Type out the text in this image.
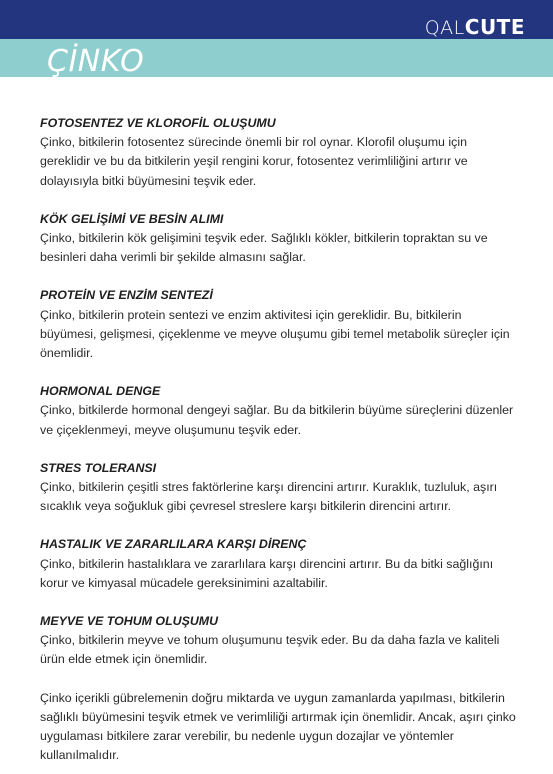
QALCUTE
ÇİNKO
FOTOSENTEZ VE KLOROFİL OLUŞUMU

Çinko, bitkilerin fotosentez sürecinde önemli bir rol oynar. Klorofil oluşumu için gereklidir ve bu da bitkilerin yeşil rengini korur, fotosentez verimliliğini artırır ve dolayısıyla bitki büyümesini teşvik eder.

KÖK GELİŞİMİ VE BESİN ALIMI

Çinko, bitkilerin kök gelişimini teşvik eder. Sağlıklı kökler, bitkilerin topraktan su ve besinleri daha verimli bir şekilde almasını sağlar.

PROTEİN VE ENZİM SENTEZİ

Çinko, bitkilerin protein sentezi ve enzim aktivitesi için gereklidir. Bu, bitkilerin büyümesi, gelişmesi, çiçeklenme ve meyve oluşumu gibi temel metabolik süreçler için önemlidir.

HORMONAL DENGE

Çinko, bitkilerde hormonal dengeyi sağlar. Bu da bitkilerin büyüme süreçlerini düzenler ve çiçeklenmeyi, meyve oluşumunu teşvik eder.

STRES TOLERANSI

Çinko, bitkilerin çeşitli stres faktörlerine karşı direncini artırır. Kuraklık, tuzluluk, aşırı sıcaklık veya soğukluk gibi çevresel streslere karşı bitkilerin direncini artırır.

HASTALIK VE ZARARLILARA KARŞI DİRENÇ

Çinko, bitkilerin hastalıklara ve zararlılara karşı direncini artırır. Bu da bitki sağlığını korur ve kimyasal mücadele gereksinimini azaltabilir.

MEYVE VE TOHUM OLUŞUMU

Çinko, bitkilerin meyve ve tohum oluşumunu teşvik eder. Bu da daha fazla ve kaliteli ürün elde etmek için önemlidir.

Çinko içerikli gübrelemenin doğru miktarda ve uygun zamanlarda yapılması, bitkilerin sağlıklı büyümesini teşvik etmek ve verimliliği artırmak için önemlidir. Ancak, aşırı çinko uygulaması bitkilere zarar verebilir, bu nedenle uygun dozajlar ve yöntemler kullanılmalıdır.
